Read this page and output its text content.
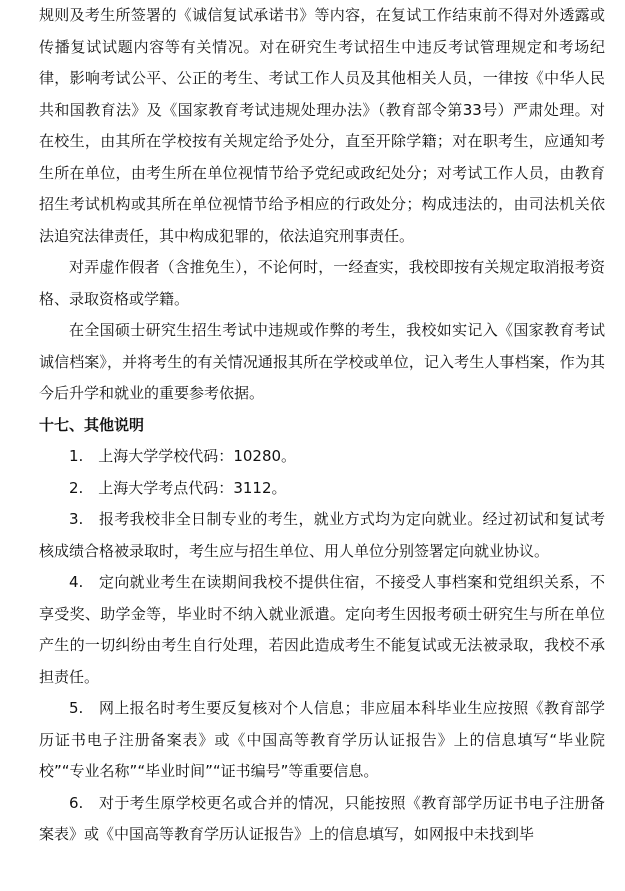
规则及考生所签署的《诚信复试承诺书》等内容，在复试工作结束前不得对外透露或传播复试试题内容等有关情况。对在研究生考试招生中违反考试管理规定和考场纪律，影响考试公平、公正的考生、考试工作人员及其他相关人员，一律按《中华人民共和国教育法》及《国家教育考试违规处理办法》（教育部令第33号）严肃处理。对在校生，由其所在学校按有关规定给予处分，直至开除学籍；对在职考生，应通知考生所在单位，由考生所在单位视情节给予党纪或政纪处分；对考试工作人员，由教育招生考试机构或其所在单位视情节给予相应的行政处分；构成违法的，由司法机关依法追究法律责任，其中构成犯罪的，依法追究刑事责任。

对弄虚作假者（含推免生），不论何时，一经查实，我校即按有关规定取消报考资格、录取资格或学籍。

在全国硕士研究生招生考试中违规或作弊的考生，我校如实记入《国家教育考试诚信档案》，并将考生的有关情况通报其所在学校或单位，记入考生人事档案，作为其今后升学和就业的重要参考依据。

十七、其他说明

1.　上海大学学校代码：10280。

2.　上海大学考点代码：3112。

3.　报考我校非全日制专业的考生，就业方式均为定向就业。经过初试和复试考核成绩合格被录取时，考生应与招生单位、用人单位分别签署定向就业协议。

4.　定向就业考生在读期间我校不提供住宿，不接受人事档案和党组织关系，不享受奖、助学金等，毕业时不纳入就业派遣。定向考生因报考硕士研究生与所在单位产生的一切纠纷由考生自行处理，若因此造成考生不能复试或无法被录取，我校不承担责任。

5.　网上报名时考生要反复核对个人信息；非应届本科毕业生应按照《教育部学历证书电子注册备案表》或《中国高等教育学历认证报告》上的信息填写“毕业院校”“专业名称”“毕业时间”“证书编号”等重要信息。

6.　对于考生原学校更名或合并的情况，只能按照《教育部学历证书电子注册备案表》或《中国高等教育学历认证报告》上的信息填写，如网报中未找到毕
